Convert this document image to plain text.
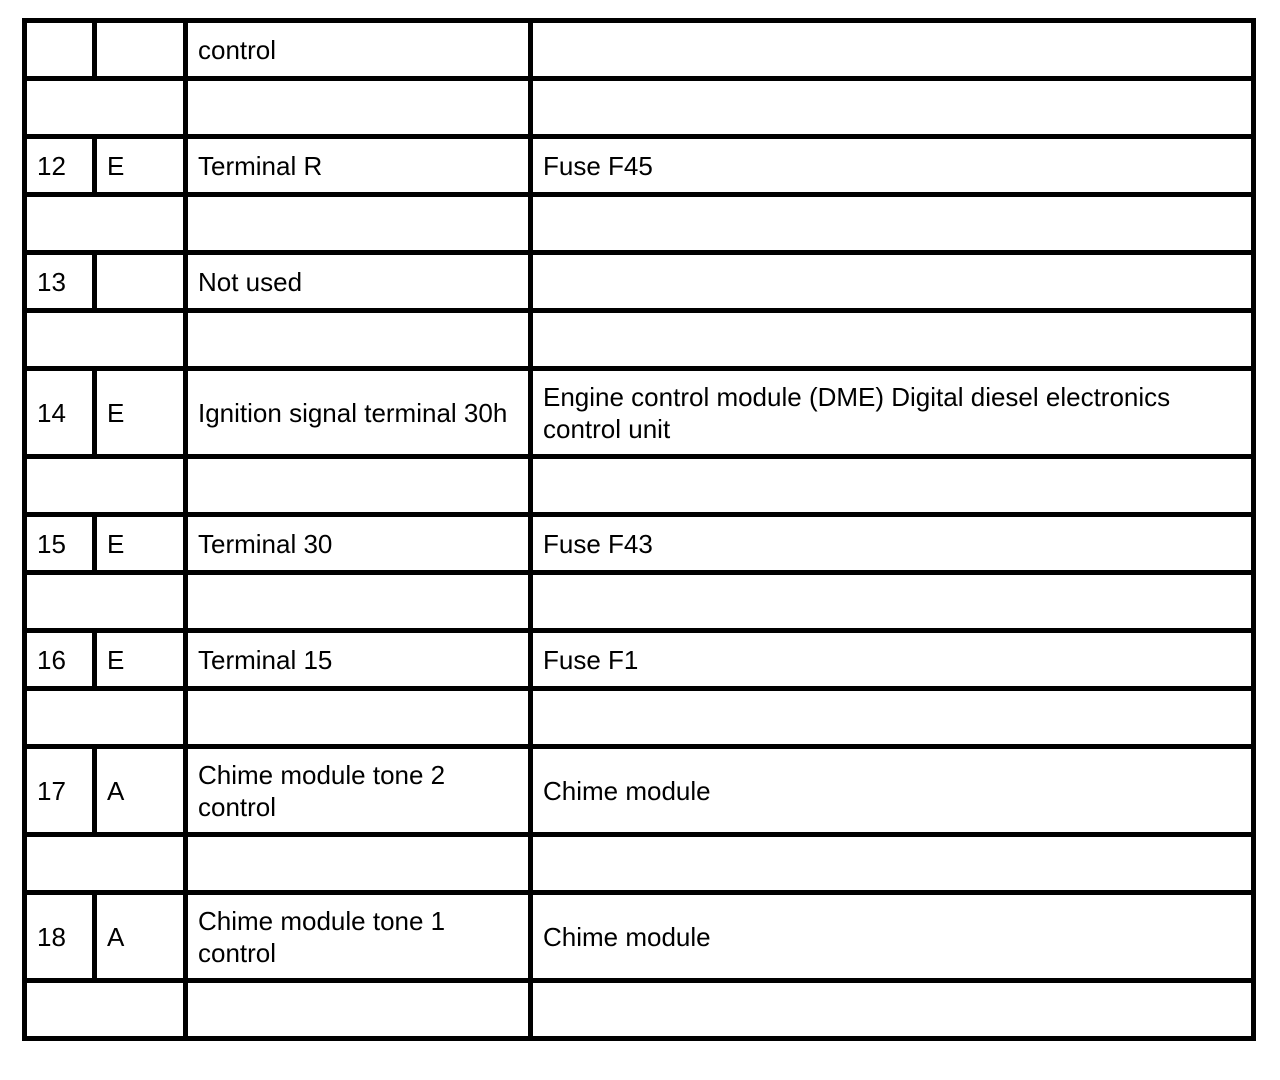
		control	

12	E	Terminal R	Fuse F45

13		Not used	

14	E	Ignition signal terminal 30h	Engine control module (DME) Digital diesel electronics control unit

15	E	Terminal 30	Fuse F43

16	E	Terminal 15	Fuse F1

17	A	Chime module tone 2 control	Chime module

18	A	Chime module tone 1 control	Chime module
